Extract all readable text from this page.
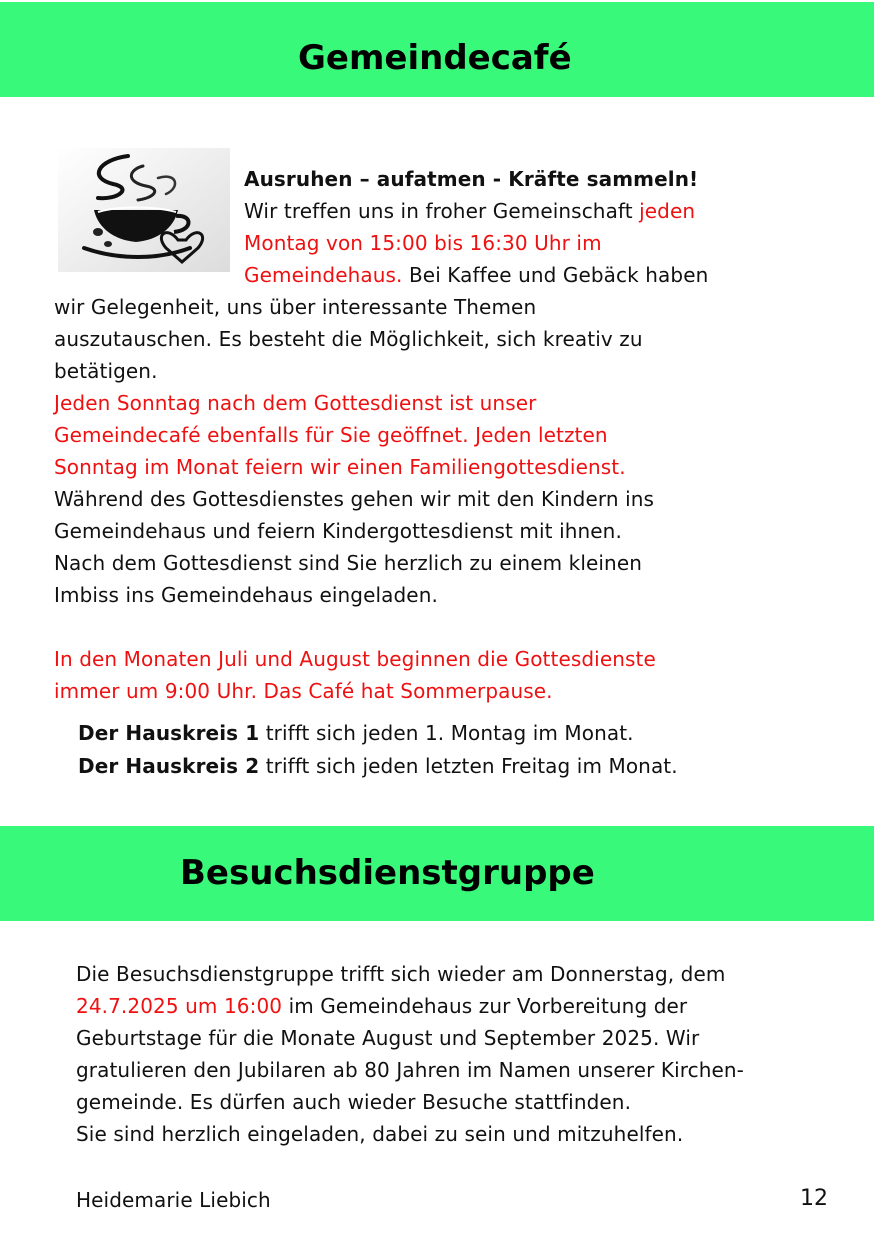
Gemeindecafé
Ausruhen – aufatmen - Kräfte sammeln!
Wir treffen uns in froher Gemeinschaft jeden
Montag von 15:00 bis 16:30 Uhr im
Gemeindehaus. Bei Kaffee und Gebäck haben
wir Gelegenheit, uns über interessante Themen
auszutauschen. Es besteht die Möglichkeit, sich kreativ zu
betätigen.
Jeden Sonntag nach dem Gottesdienst ist unser
Gemeindecafé ebenfalls für Sie geöffnet. Jeden letzten
Sonntag im Monat feiern wir einen Familiengottesdienst.
Während des Gottesdienstes gehen wir mit den Kindern ins
Gemeindehaus und feiern Kindergottesdienst mit ihnen.
Nach dem Gottesdienst sind Sie herzlich zu einem kleinen
Imbiss ins Gemeindehaus eingeladen.
In den Monaten Juli und August beginnen die Gottesdienste
immer um 9:00 Uhr. Das Café hat Sommerpause.
Der Hauskreis 1 trifft sich jeden 1. Montag im Monat.
Der Hauskreis 2 trifft sich jeden letzten Freitag im Monat.
Besuchsdienstgruppe
Die Besuchsdienstgruppe trifft sich wieder am Donnerstag, dem
24.7.2025 um 16:00 im Gemeindehaus zur Vorbereitung der
Geburtstage für die Monate August und September 2025. Wir
gratulieren den Jubilaren ab 80 Jahren im Namen unserer Kirchen-
gemeinde. Es dürfen auch wieder Besuche stattfinden.
Sie sind herzlich eingeladen, dabei zu sein und mitzuhelfen.
Heidemarie Liebich	12
